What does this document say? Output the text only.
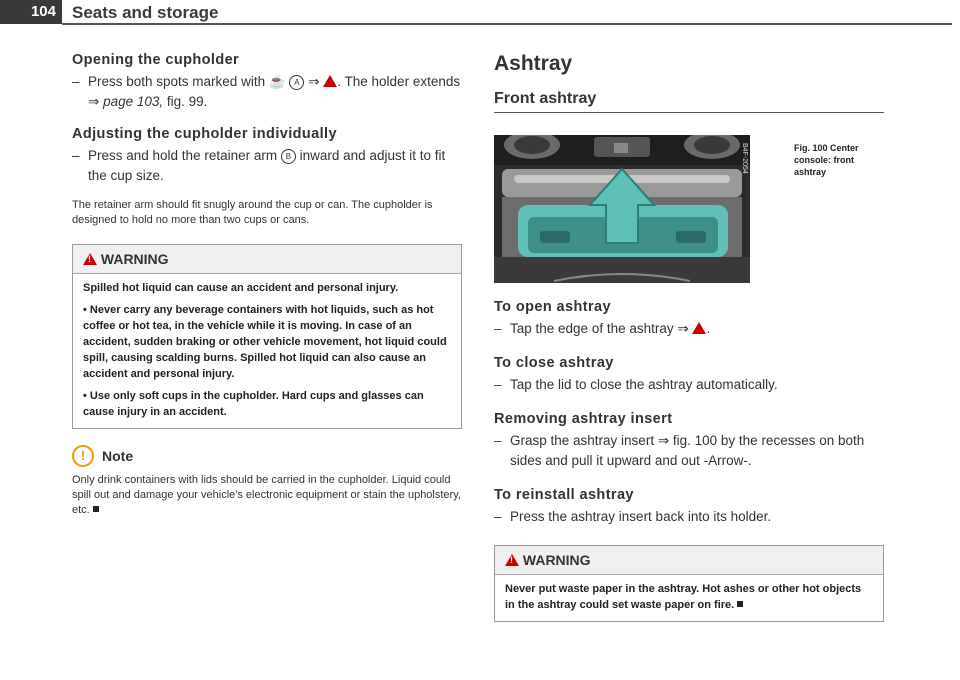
104 Seats and storage
Opening the cupholder

– Press both spots marked with ☕ A ⇒ ! . The holder extends ⇒ page 103, fig. 99.

Adjusting the cupholder individually

– Press and hold the retainer arm B inward and adjust it to fit the cup size.

The retainer arm should fit snugly around the cup or can. The cupholder is designed to hold no more than two cups or cans.

! WARNING

Spilled hot liquid can cause an accident and personal injury.

• Never carry any beverage containers with hot liquids, such as hot coffee or hot tea, in the vehicle while it is moving. In case of an accident, sudden braking or other vehicle movement, hot liquid could spill, causing scalding burns. Spilled hot liquid can also cause an accident and personal injury.

• Use only soft cups in the cupholder. Hard cups and glasses can cause injury in an accident.

!	Note

Only drink containers with lids should be carried in the cupholder. Liquid could spill out and damage your vehicle's electronic equipment or stain the upholstery, etc.

Ashtray
Front ashtray
B4F-2054	Fig. 100 Center console: front ashtray
To open ashtray

– Tap the edge of the ashtray ⇒ ! .

To close ashtray

– Tap the lid to close the ashtray automatically.

Removing ashtray insert

– Grasp the ashtray insert ⇒ fig. 100 by the recesses on both sides and pull it upward and out -Arrow-.

To reinstall ashtray

– Press the ashtray insert back into its holder.

! WARNING

Never put waste paper in the ashtray. Hot ashes or other hot objects in the ashtray could set waste paper on fire.
